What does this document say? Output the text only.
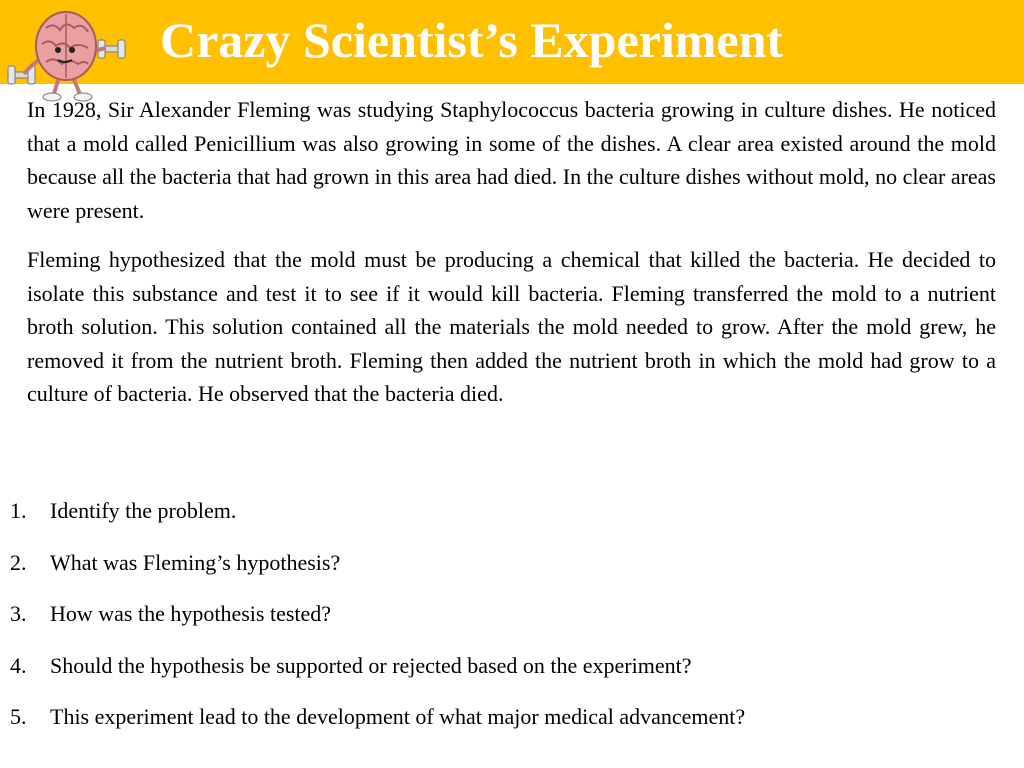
Crazy Scientist’s Experiment

In 1928, Sir Alexander Fleming was studying Staphylococcus bacteria growing in culture dishes. He noticed that a mold called Penicillium was also growing in some of the dishes. A clear area existed around the mold because all the bacteria that had grown in this area had died. In the culture dishes without mold, no clear areas were present.

Fleming hypothesized that the mold must be producing a chemical that killed the bacteria. He decided to isolate this substance and test it to see if it would kill bacteria. Fleming transferred the mold to a nutrient broth solution. This solution contained all the materials the mold needed to grow. After the mold grew, he removed it from the nutrient broth. Fleming then added the nutrient broth in which the mold had grow to a culture of bacteria. He observed that the bacteria died.

1.	Identify the problem.
2.	What was Fleming’s hypothesis?
3.	How was the hypothesis tested?
4.	Should the hypothesis be supported or rejected based on the experiment?
5.	This experiment lead to the development of what major medical advancement?
